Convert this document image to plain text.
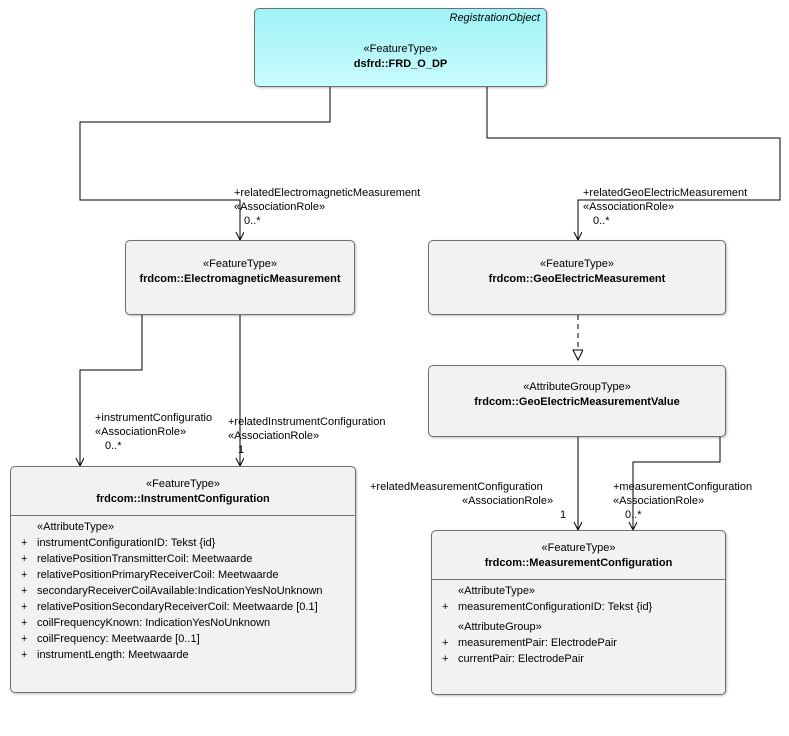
RegistrationObject
«FeatureType»
dsfrd::FRD_O_DP
«FeatureType»
frdcom::ElectromagneticMeasurement
«FeatureType»
frdcom::GeoElectricMeasurement
«AttributeGroupType»
frdcom::GeoElectricMeasurementValue
«FeatureType»
frdcom::InstrumentConfiguration
«AttributeType»
+ instrumentConfigurationID: Tekst {id}
+ relativePositionTransmitterCoil: Meetwaarde
+ relativePositionPrimaryReceiverCoil: Meetwaarde
+ secondaryReceiverCoilAvailable:IndicationYesNoUnknown
+ relativePositionSecondaryReceiverCoil: Meetwaarde [0.1]
+ coilFrequencyKnown: IndicationYesNoUnknown
+ coilFrequency: Meetwaarde [0..1]
+ instrumentLength: Meetwaarde
«FeatureType»
frdcom::MeasurementConfiguration
«AttributeType»
+ measurementConfigurationID: Tekst {id}
«AttributeGroup»
+ measurementPair: ElectrodePair
+ currentPair: ElectrodePair
+relatedElectromagneticMeasurement
«AssociationRole»
0..*
+relatedGeoElectricMeasurement
«AssociationRole»
0..*
+instrumentConfiguratio
«AssociationRole»
0..*
+relatedInstrumentConfiguration
«AssociationRole»
1
+relatedMeasurementConfiguration
«AssociationRole»
1
+measurementConfiguration
«AssociationRole»
0..*
